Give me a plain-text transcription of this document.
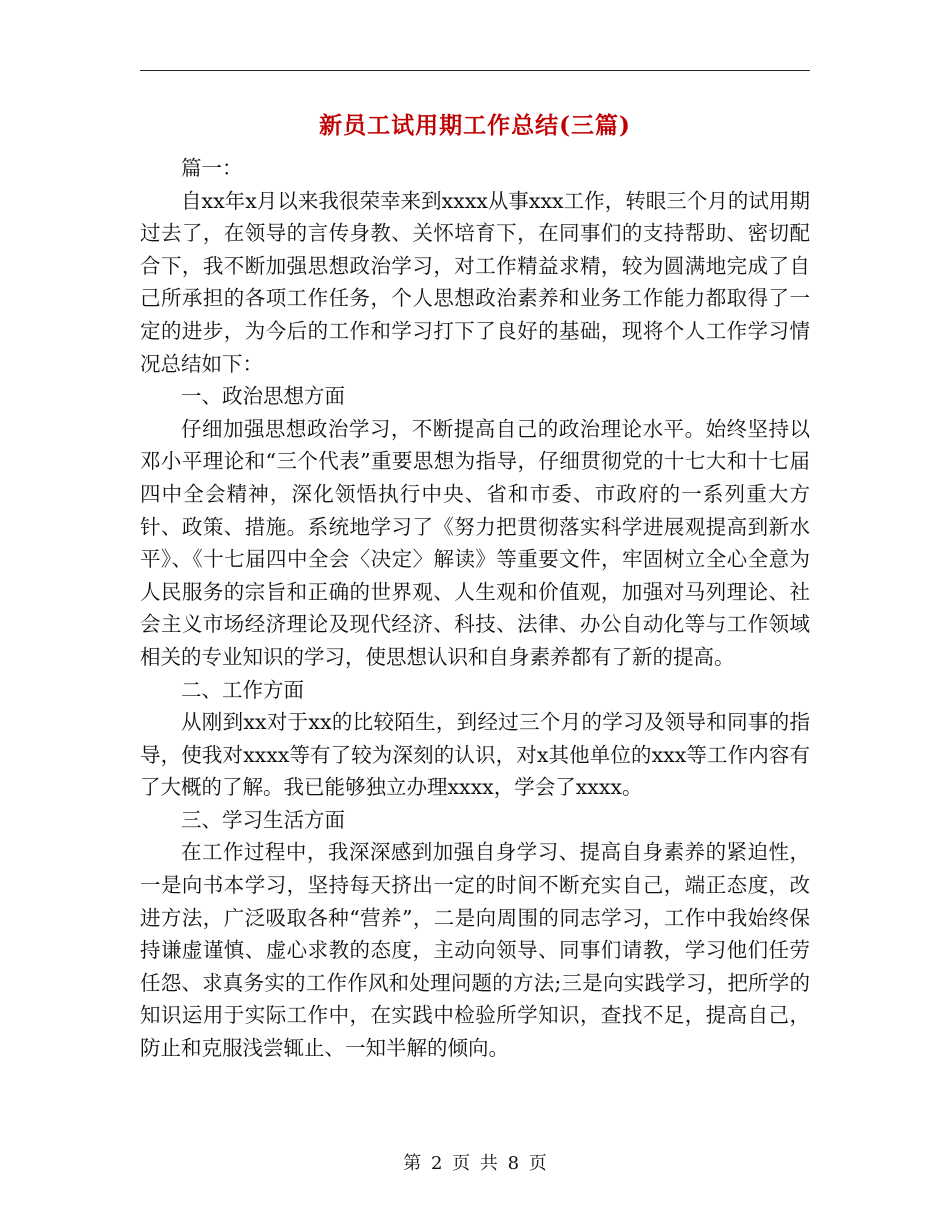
新员工试用期工作总结(三篇)

篇一：

自xx年x月以来我很荣幸来到xxxx从事xxx工作，转眼三个月的试用期过去了，在领导的言传身教、关怀培育下，在同事们的支持帮助、密切配合下，我不断加强思想政治学习，对工作精益求精，较为圆满地完成了自己所承担的各项工作任务，个人思想政治素养和业务工作能力都取得了一定的进步，为今后的工作和学习打下了良好的基础，现将个人工作学习情况总结如下：

一、政治思想方面

仔细加强思想政治学习，不断提高自己的政治理论水平。始终坚持以邓小平理论和“三个代表”重要思想为指导，仔细贯彻党的十七大和十七届四中全会精神，深化领悟执行中央、省和市委、市政府的一系列重大方针、政策、措施。系统地学习了《努力把贯彻落实科学进展观提高到新水平》、《十七届四中全会〈决定〉解读》等重要文件，牢固树立全心全意为人民服务的宗旨和正确的世界观、人生观和价值观，加强对马列理论、社会主义市场经济理论及现代经济、科技、法律、办公自动化等与工作领域相关的专业知识的学习，使思想认识和自身素养都有了新的提高。

二、工作方面

从刚到xx对于xx的比较陌生，到经过三个月的学习及领导和同事的指导，使我对xxxx等有了较为深刻的认识，对x其他单位的xxx等工作内容有了大概的了解。我已能够独立办理xxxx，学会了xxxx。

三、学习生活方面

在工作过程中，我深深感到加强自身学习、提高自身素养的紧迫性，一是向书本学习，坚持每天挤出一定的时间不断充实自己，端正态度，改进方法，广泛吸取各种“营养”，二是向周围的同志学习，工作中我始终保持谦虚谨慎、虚心求教的态度，主动向领导、同事们请教，学习他们任劳任怨、求真务实的工作作风和处理问题的方法;三是向实践学习，把所学的知识运用于实际工作中，在实践中检验所学知识，查找不足，提高自己，防止和克服浅尝辄止、一知半解的倾向。

第 2 页 共 8 页
